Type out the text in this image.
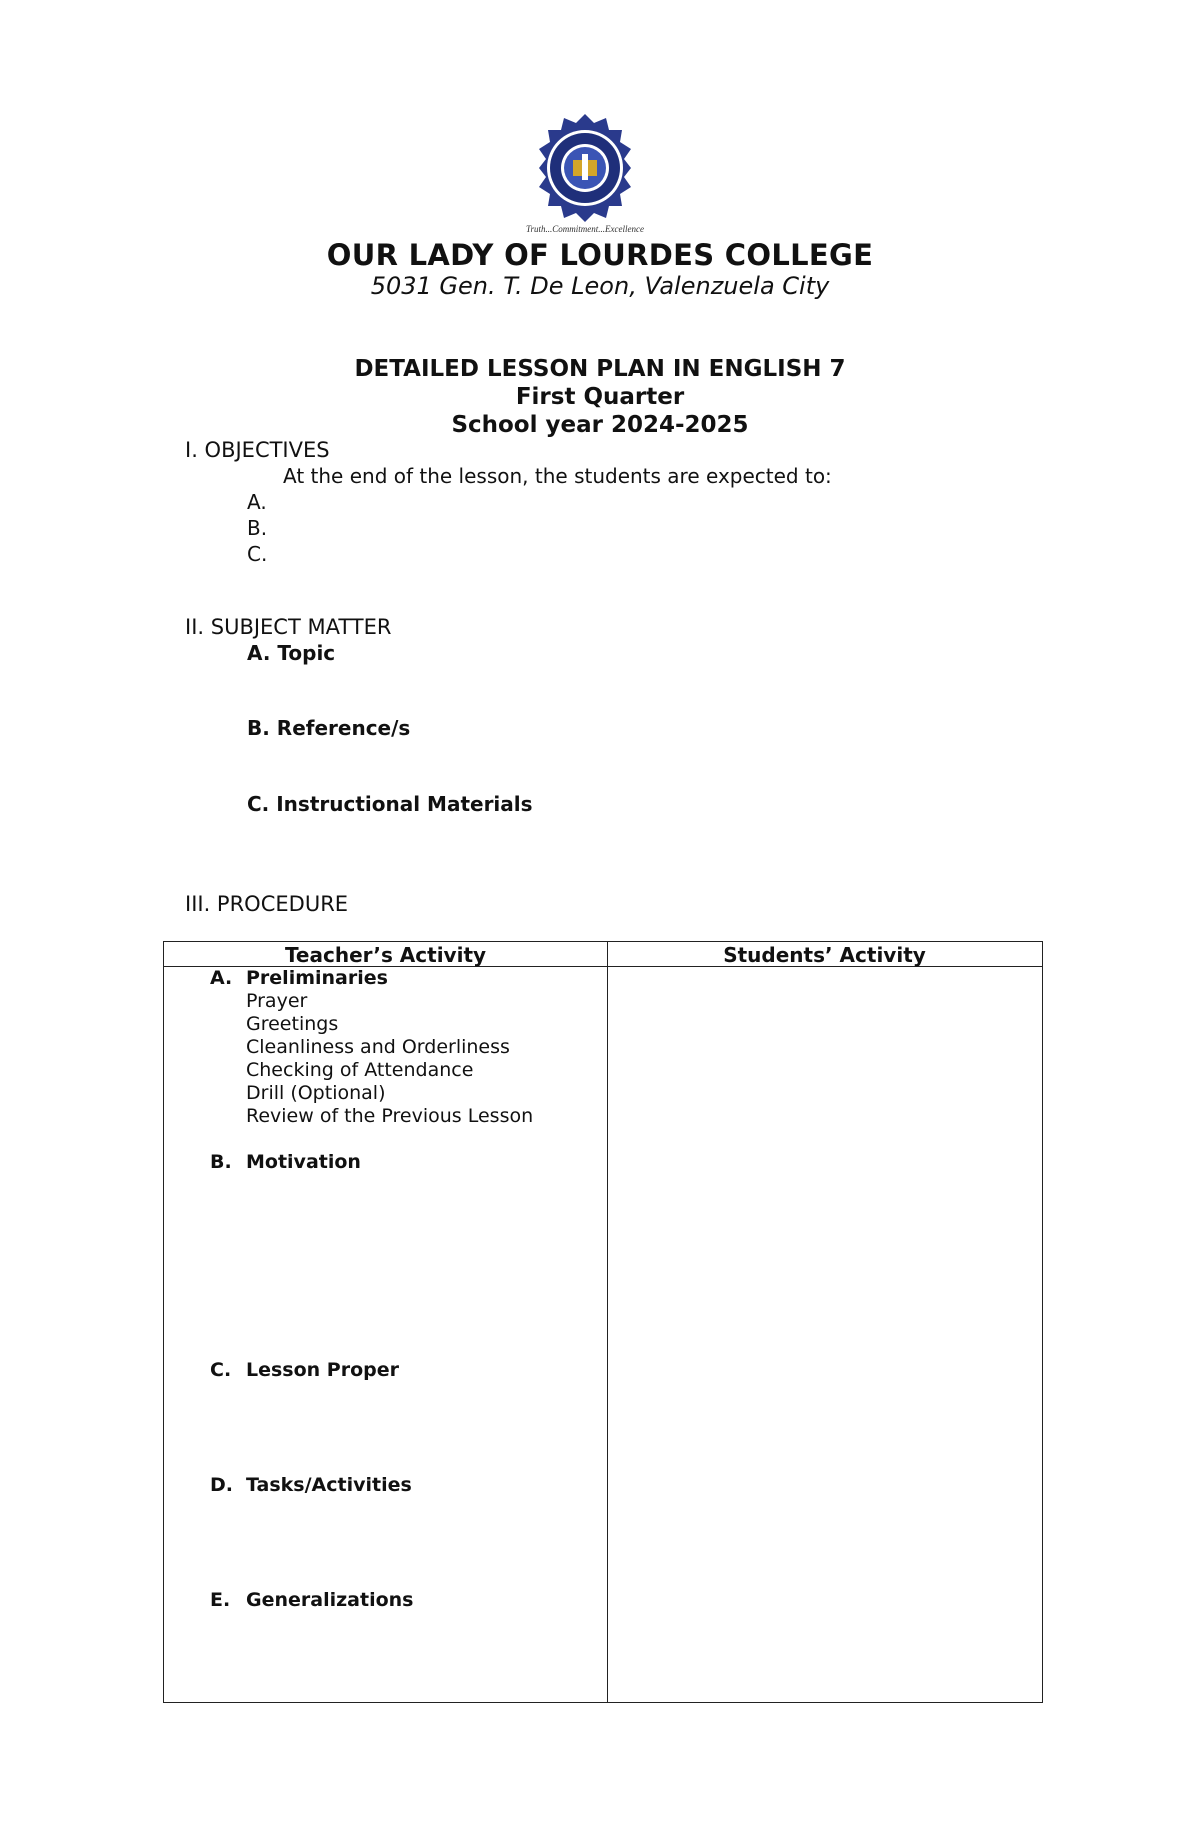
Truth...Commitment...Excellence
OUR LADY OF LOURDES COLLEGE
5031 Gen. T. De Leon, Valenzuela City
DETAILED LESSON PLAN IN ENGLISH 7
First Quarter
School year 2024-2025
I. OBJECTIVES
At the end of the lesson, the students are expected to:
A.
B.
C.
II. SUBJECT MATTER
A. Topic
B. Reference/s
C. Instructional Materials
III. PROCEDURE
Teacher’s Activity	Students’ Activity
A. Preliminaries
Prayer
Greetings
Cleanliness and Orderliness
Checking of Attendance
Drill (Optional)
Review of the Previous Lesson
B. Motivation
C. Lesson Proper
D. Tasks/Activities
E. Generalizations
